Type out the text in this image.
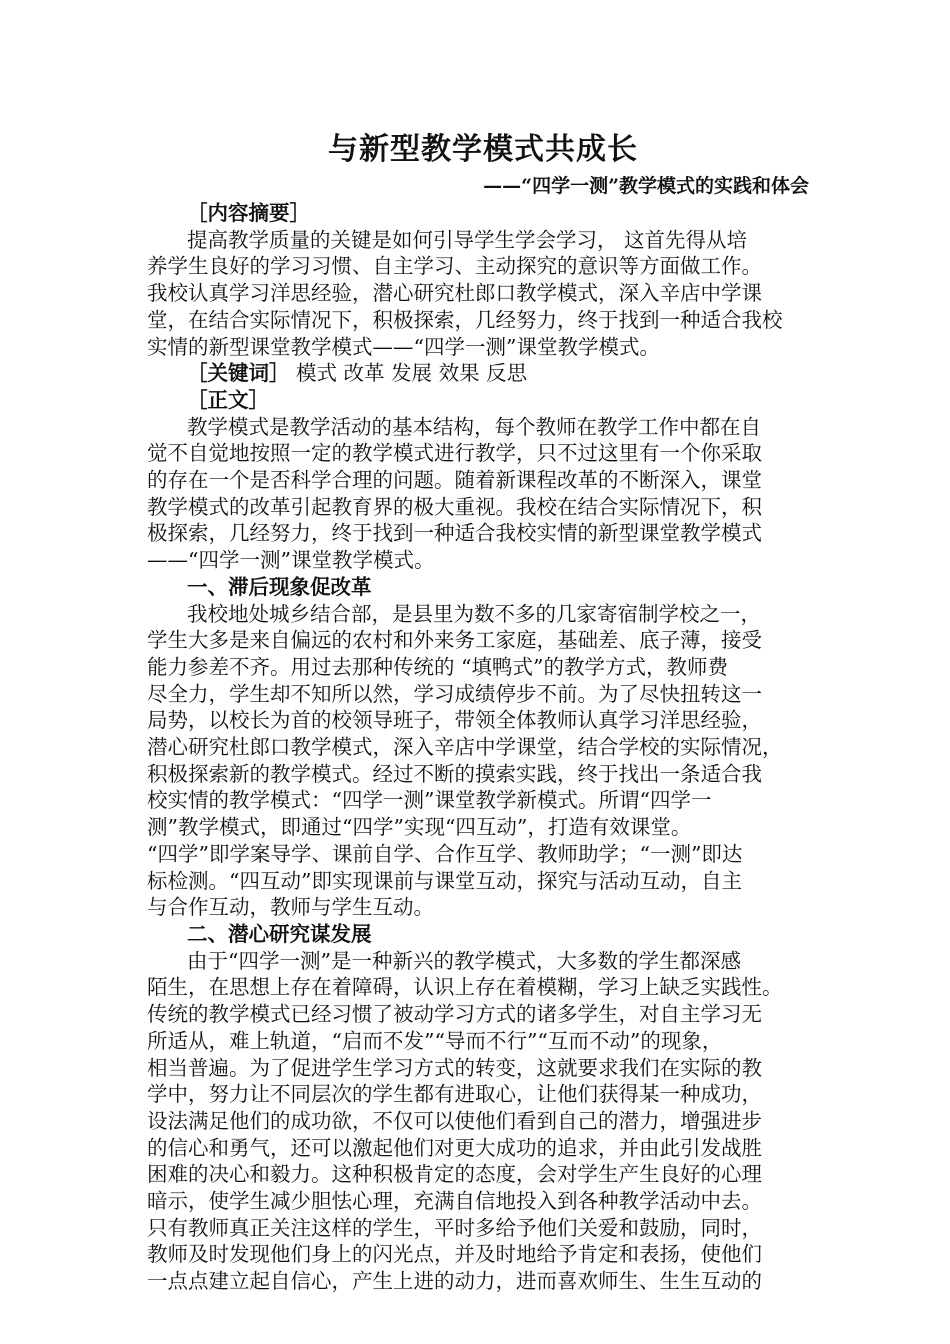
与新型教学模式共成长

——“四学一测”教学模式的实践和体会

［内容摘要］

提高教学质量的关键是如何引导学生学会学习， 这首先得从培

养学生良好的学习习惯、自主学习、主动探究的意识等方面做工作。

我校认真学习洋思经验，潜心研究杜郎口教学模式，深入辛店中学课

堂，在结合实际情况下，积极探索，几经努力，终于找到一种适合我校

实情的新型课堂教学模式——“四学一测”课堂教学模式。

［关键词］ 模式 改革 发展 效果 反思

［正文］

教学模式是教学活动的基本结构，每个教师在教学工作中都在自

觉不自觉地按照一定的教学模式进行教学，只不过这里有一个你采取

的存在一个是否科学合理的问题。随着新课程改革的不断深入，课堂

教学模式的改革引起教育界的极大重视。我校在结合实际情况下，积

极探索，几经努力，终于找到一种适合我校实情的新型课堂教学模式

——“四学一测”课堂教学模式。

一、滞后现象促改革

我校地处城乡结合部，是县里为数不多的几家寄宿制学校之一，

学生大多是来自偏远的农村和外来务工家庭，基础差、底子薄，接受

能力参差不齐。用过去那种传统的 “填鸭式”的教学方式，教师费

尽全力，学生却不知所以然，学习成绩停步不前。为了尽快扭转这一

局势，以校长为首的校领导班子，带领全体教师认真学习洋思经验，

潜心研究杜郎口教学模式，深入辛店中学课堂，结合学校的实际情况，

积极探索新的教学模式。经过不断的摸索实践，终于找出一条适合我

校实情的教学模式：“四学一测”课堂教学新模式。所谓“四学一

测”教学模式，即通过“四学”实现“四互动”，打造有效课堂。

“四学”即学案导学、课前自学、合作互学、教师助学；“一测”即达

标检测。“四互动”即实现课前与课堂互动，探究与活动互动，自主

与合作互动，教师与学生互动。

二、潜心研究谋发展

由于“四学一测”是一种新兴的教学模式，大多数的学生都深感

陌生，在思想上存在着障碍，认识上存在着模糊，学习上缺乏实践性。

传统的教学模式已经习惯了被动学习方式的诸多学生，对自主学习无

所适从，难上轨道，“启而不发”“导而不行”“互而不动”的现象，

相当普遍。为了促进学生学习方式的转变，这就要求我们在实际的教

学中，努力让不同层次的学生都有进取心，让他们获得某一种成功，

设法满足他们的成功欲，不仅可以使他们看到自己的潜力，增强进步

的信心和勇气，还可以激起他们对更大成功的追求，并由此引发战胜

困难的决心和毅力。这种积极肯定的态度，会对学生产生良好的心理

暗示，使学生减少胆怯心理，充满自信地投入到各种教学活动中去。

只有教师真正关注这样的学生，平时多给予他们关爱和鼓励，同时，

教师及时发现他们身上的闪光点，并及时地给予肯定和表扬，使他们

一点点建立起自信心，产生上进的动力，进而喜欢师生、生生互动的
